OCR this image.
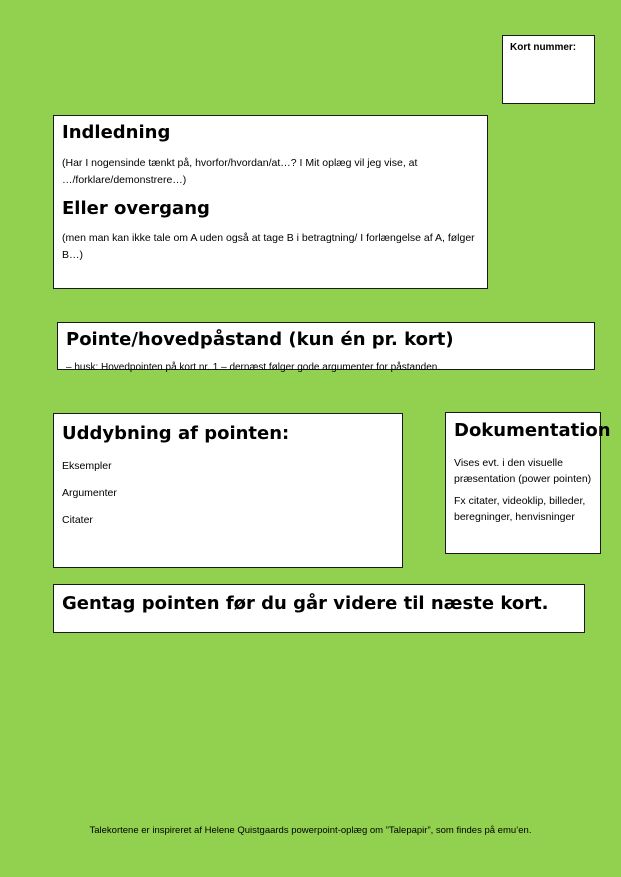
Kort nummer:
Indledning
(Har I nogensinde tænkt på, hvorfor/hvordan/at…? I Mit oplæg vil jeg vise, at …/forklare/demonstrere…)
Eller overgang
(men man kan ikke tale om A uden også at tage B i betragtning/ I forlængelse af A, følger B…)
Pointe/hovedpåstand (kun én pr. kort)
– husk: Hovedpointen på kort nr. 1 – dernæst følger gode argumenter for påstanden.
Uddybning af pointen:
Eksempler
Argumenter
Citater
Dokumentation
Vises evt. i den visuelle præsentation (power pointen)
Fx citater, videoklip, billeder, beregninger, henvisninger
Gentag pointen før du går videre til næste kort.
Talekortene er inspireret af Helene Quistgaards powerpoint-oplæg om ”Talepapir”, som findes på emu’en.
